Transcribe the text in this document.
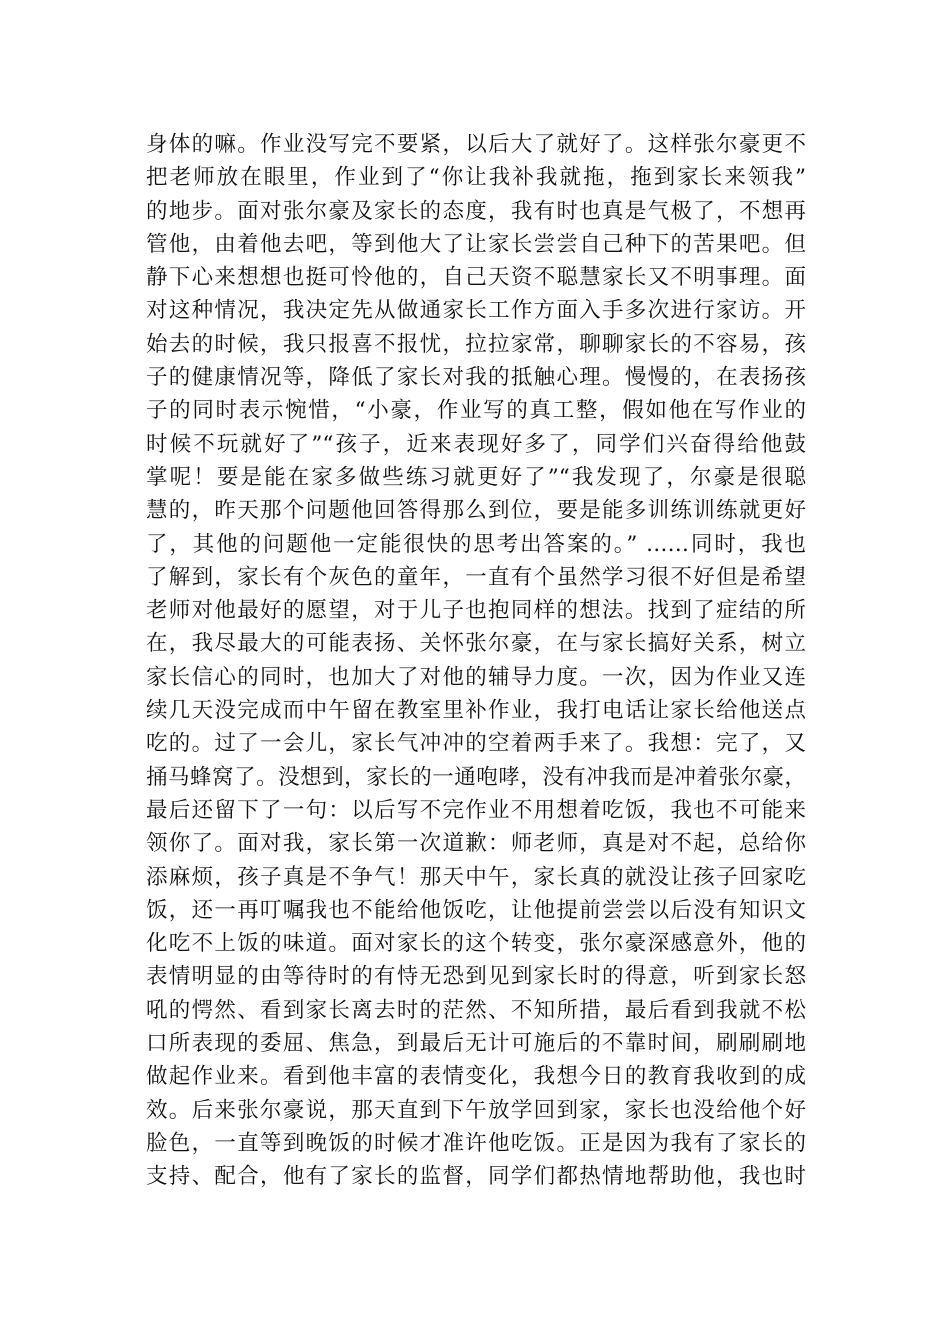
身体的嘛。作业没写完不要紧，以后大了就好了。这样张尔豪更不
把老师放在眼里，作业到了“你让我补我就拖，拖到家长来领我”
的地步。面对张尔豪及家长的态度，我有时也真是气极了，不想再
管他，由着他去吧，等到他大了让家长尝尝自己种下的苦果吧。但
静下心来想想也挺可怜他的，自己天资不聪慧家长又不明事理。面
对这种情况，我决定先从做通家长工作方面入手多次进行家访。开
始去的时候，我只报喜不报忧，拉拉家常，聊聊家长的不容易，孩
子的健康情况等，降低了家长对我的抵触心理。慢慢的，在表扬孩
子的同时表示惋惜，“小豪，作业写的真工整，假如他在写作业的
时候不玩就好了”“孩子，近来表现好多了，同学们兴奋得给他鼓
掌呢！要是能在家多做些练习就更好了”“我发现了，尔豪是很聪
慧的，昨天那个问题他回答得那么到位，要是能多训练训练就更好
了，其他的问题他一定能很快的思考出答案的。” ……同时，我也
了解到，家长有个灰色的童年，一直有个虽然学习很不好但是希望
老师对他最好的愿望，对于儿子也抱同样的想法。找到了症结的所
在，我尽最大的可能表扬、关怀张尔豪，在与家长搞好关系，树立
家长信心的同时，也加大了对他的辅导力度。一次，因为作业又连
续几天没完成而中午留在教室里补作业，我打电话让家长给他送点
吃的。过了一会儿，家长气冲冲的空着两手来了。我想：完了，又
捅马蜂窝了。没想到，家长的一通咆哮，没有冲我而是冲着张尔豪，
最后还留下了一句：以后写不完作业不用想着吃饭，我也不可能来
领你了。面对我，家长第一次道歉：师老师，真是对不起，总给你
添麻烦，孩子真是不争气！那天中午，家长真的就没让孩子回家吃
饭，还一再叮嘱我也不能给他饭吃，让他提前尝尝以后没有知识文
化吃不上饭的味道。面对家长的这个转变，张尔豪深感意外，他的
表情明显的由等待时的有恃无恐到见到家长时的得意，听到家长怒
吼的愕然、看到家长离去时的茫然、不知所措，最后看到我就不松
口所表现的委屈、焦急，到最后无计可施后的不靠时间，刷刷刷地
做起作业来。看到他丰富的表情变化，我想今日的教育我收到的成
效。后来张尔豪说，那天直到下午放学回到家，家长也没给他个好
脸色，一直等到晚饭的时候才准许他吃饭。正是因为我有了家长的
支持、配合，他有了家长的监督，同学们都热情地帮助他，我也时
